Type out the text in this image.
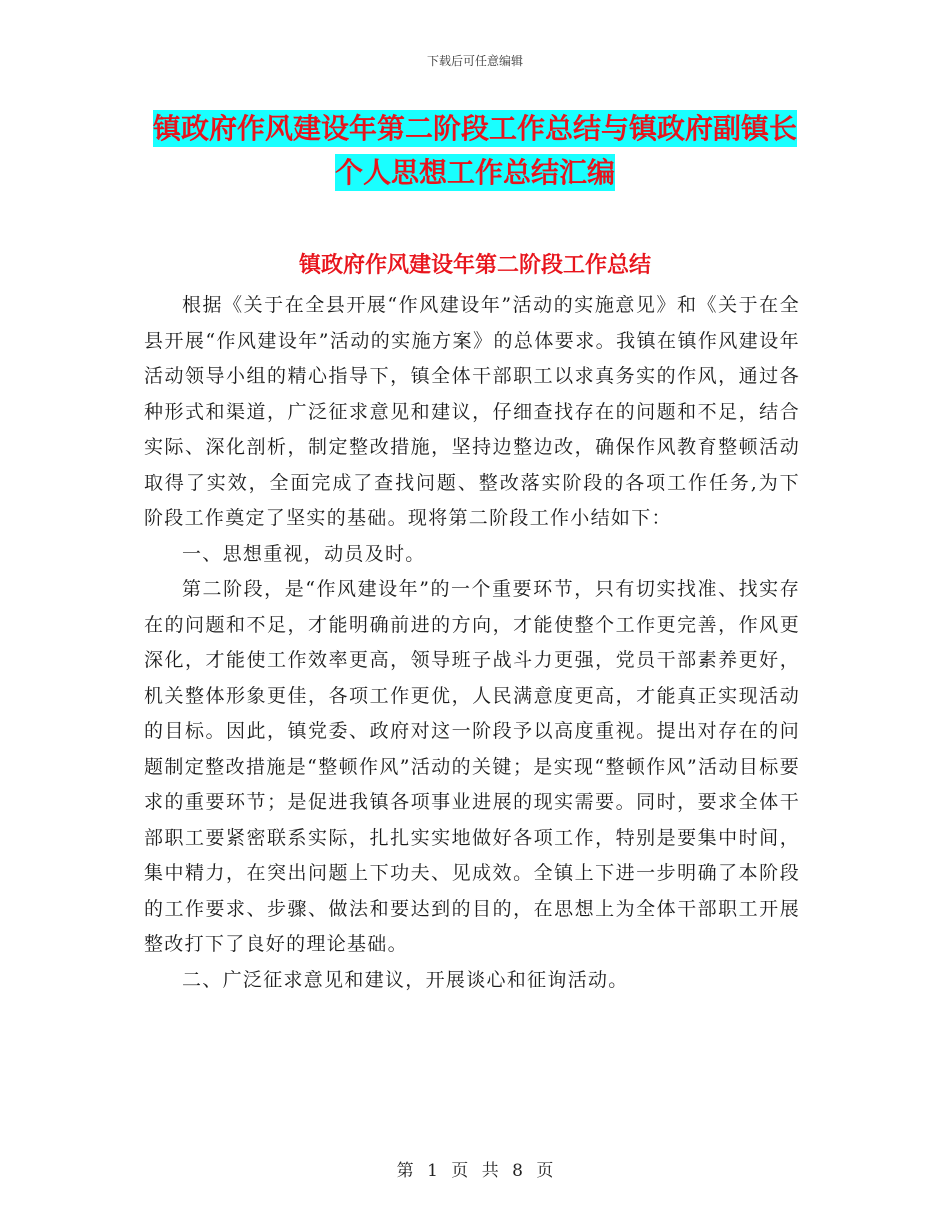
下载后可任意编辑
镇政府作风建设年第二阶段工作总结与镇政府副镇长
个人思想工作总结汇编
镇政府作风建设年第二阶段工作总结

根据《关于在全县开展“作风建设年”活动的实施意见》和《关于在全县开展“作风建设年”活动的实施方案》的总体要求。我镇在镇作风建设年活动领导小组的精心指导下，镇全体干部职工以求真务实的作风，通过各种形式和渠道，广泛征求意见和建议，仔细查找存在的问题和不足，结合实际、深化剖析，制定整改措施，坚持边整边改，确保作风教育整顿活动取得了实效，全面完成了查找问题、整改落实阶段的各项工作任务,为下阶段工作奠定了坚实的基础。现将第二阶段工作小结如下：

一、思想重视，动员及时。

第二阶段，是“作风建设年”的一个重要环节，只有切实找准、找实存在的问题和不足，才能明确前进的方向，才能使整个工作更完善，作风更深化，才能使工作效率更高，领导班子战斗力更强，党员干部素养更好，机关整体形象更佳，各项工作更优，人民满意度更高，才能真正实现活动的目标。因此，镇党委、政府对这一阶段予以高度重视。提出对存在的问题制定整改措施是“整顿作风”活动的关键；是实现“整顿作风”活动目标要求的重要环节；是促进我镇各项事业进展的现实需要。同时，要求全体干部职工要紧密联系实际，扎扎实实地做好各项工作，特别是要集中时间，集中精力，在突出问题上下功夫、见成效。全镇上下进一步明确了本阶段的工作要求、步骤、做法和要达到的目的，在思想上为全体干部职工开展整改打下了良好的理论基础。

二、广泛征求意见和建议，开展谈心和征询活动。

第 1 页 共 8 页
